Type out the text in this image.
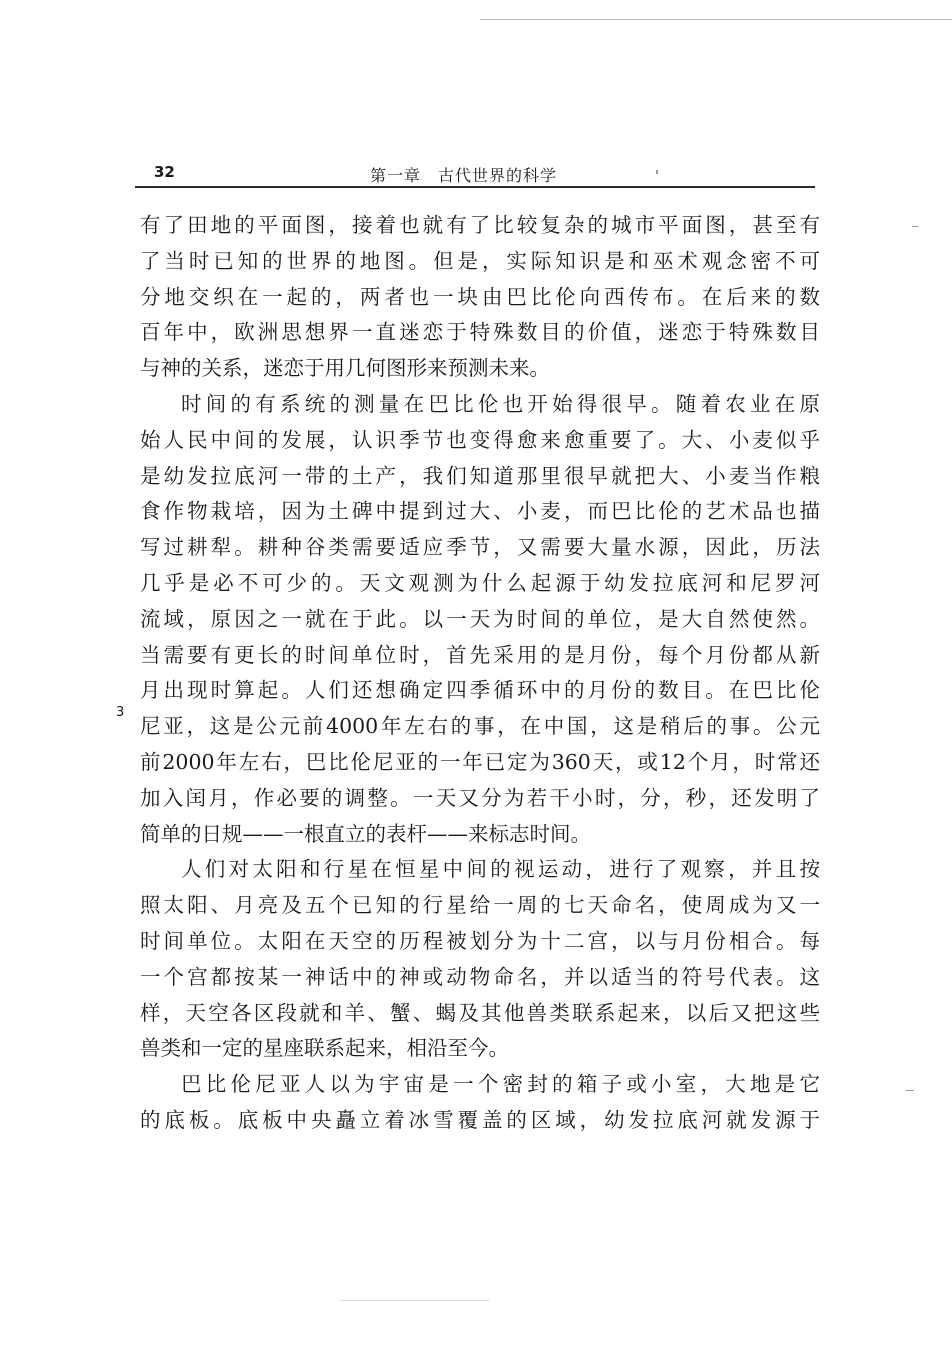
32	第一章　古代世界的科学
3
有了田地的平面图，接着也就有了比较复杂的城市平面图，甚至有
了当时已知的世界的地图。但是，实际知识是和巫术观念密不可
分地交织在一起的，两者也一块由巴比伦向西传布。在后来的数
百年中，欧洲思想界一直迷恋于特殊数目的价值，迷恋于特殊数目
与神的关系，迷恋于用几何图形来预测未来。
时间的有系统的测量在巴比伦也开始得很早。随着农业在原
始人民中间的发展，认识季节也变得愈来愈重要了。大、小麦似乎
是幼发拉底河一带的土产，我们知道那里很早就把大、小麦当作粮
食作物栽培，因为土碑中提到过大、小麦，而巴比伦的艺术品也描
写过耕犁。耕种谷类需要适应季节，又需要大量水源，因此，历法
几乎是必不可少的。天文观测为什么起源于幼发拉底河和尼罗河
流域，原因之一就在于此。以一天为时间的单位，是大自然使然。
当需要有更长的时间单位时，首先采用的是月份，每个月份都从新
月出现时算起。人们还想确定四季循环中的月份的数目。在巴比伦
尼亚，这是公元前4000年左右的事，在中国，这是稍后的事。公元
前2000年左右，巴比伦尼亚的一年已定为360天，或12个月，时常还
加入闰月，作必要的调整。一天又分为若干小时，分，秒，还发明了
简单的日规——一根直立的表杆——来标志时间。
人们对太阳和行星在恒星中间的视运动，进行了观察，并且按
照太阳、月亮及五个已知的行星给一周的七天命名，使周成为又一
时间单位。太阳在天空的历程被划分为十二宫，以与月份相合。每
一个宫都按某一神话中的神或动物命名，并以适当的符号代表。这
样，天空各区段就和羊、蟹、蝎及其他兽类联系起来，以后又把这些
兽类和一定的星座联系起来，相沿至今。
巴比伦尼亚人以为宇宙是一个密封的箱子或小室，大地是它
的底板。底板中央矗立着冰雪覆盖的区域，幼发拉底河就发源于
